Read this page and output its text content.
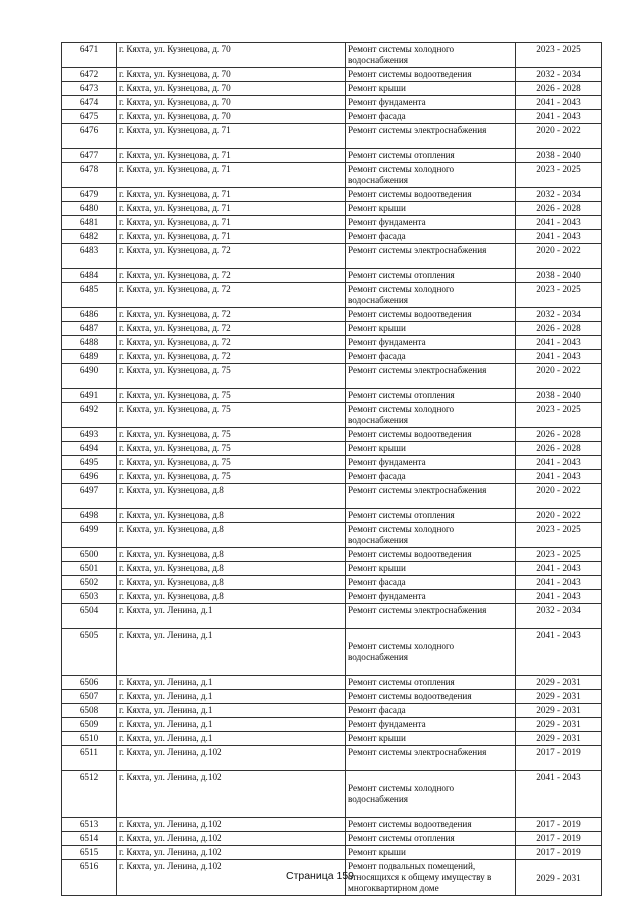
6471	г. Кяхта, ул. Кузнецова, д. 70	Ремонт системы холодного водоснабжения	2023 - 2025
6472	г. Кяхта, ул. Кузнецова, д. 70	Ремонт системы водоотведения	2032 - 2034
6473	г. Кяхта, ул. Кузнецова, д. 70	Ремонт крыши	2026 - 2028
6474	г. Кяхта, ул. Кузнецова, д. 70	Ремонт фундамента	2041 - 2043
6475	г. Кяхта, ул. Кузнецова, д. 70	Ремонт фасада	2041 - 2043
6476	г. Кяхта, ул. Кузнецова, д. 71	Ремонт системы электроснабжения	2020 - 2022
6477	г. Кяхта, ул. Кузнецова, д. 71	Ремонт системы отопления	2038 - 2040
6478	г. Кяхта, ул. Кузнецова, д. 71	Ремонт системы холодного водоснабжения	2023 - 2025
6479	г. Кяхта, ул. Кузнецова, д. 71	Ремонт системы водоотведения	2032 - 2034
6480	г. Кяхта, ул. Кузнецова, д. 71	Ремонт крыши	2026 - 2028
6481	г. Кяхта, ул. Кузнецова, д. 71	Ремонт фундамента	2041 - 2043
6482	г. Кяхта, ул. Кузнецова, д. 71	Ремонт фасада	2041 - 2043
6483	г. Кяхта, ул. Кузнецова, д. 72	Ремонт системы электроснабжения	2020 - 2022
6484	г. Кяхта, ул. Кузнецова, д. 72	Ремонт системы отопления	2038 - 2040
6485	г. Кяхта, ул. Кузнецова, д. 72	Ремонт системы холодного водоснабжения	2023 - 2025
6486	г. Кяхта, ул. Кузнецова, д. 72	Ремонт системы водоотведения	2032 - 2034
6487	г. Кяхта, ул. Кузнецова, д. 72	Ремонт крыши	2026 - 2028
6488	г. Кяхта, ул. Кузнецова, д. 72	Ремонт фундамента	2041 - 2043
6489	г. Кяхта, ул. Кузнецова, д. 72	Ремонт фасада	2041 - 2043
6490	г. Кяхта, ул. Кузнецова, д. 75	Ремонт системы электроснабжения	2020 - 2022
6491	г. Кяхта, ул. Кузнецова, д. 75	Ремонт системы отопления	2038 - 2040
6492	г. Кяхта, ул. Кузнецова, д. 75	Ремонт системы холодного водоснабжения	2023 - 2025
6493	г. Кяхта, ул. Кузнецова, д. 75	Ремонт системы водоотведения	2026 - 2028
6494	г. Кяхта, ул. Кузнецова, д. 75	Ремонт крыши	2026 - 2028
6495	г. Кяхта, ул. Кузнецова, д. 75	Ремонт фундамента	2041 - 2043
6496	г. Кяхта, ул. Кузнецова, д. 75	Ремонт фасада	2041 - 2043
6497	г. Кяхта, ул. Кузнецова, д.8	Ремонт системы электроснабжения	2020 - 2022
6498	г. Кяхта, ул. Кузнецова, д.8	Ремонт системы отопления	2020 - 2022
6499	г. Кяхта, ул. Кузнецова, д.8	Ремонт системы холодного водоснабжения	2023 - 2025
6500	г. Кяхта, ул. Кузнецова, д.8	Ремонт системы водоотведения	2023 - 2025
6501	г. Кяхта, ул. Кузнецова, д.8	Ремонт крыши	2041 - 2043
6502	г. Кяхта, ул. Кузнецова, д.8	Ремонт фасада	2041 - 2043
6503	г. Кяхта, ул. Кузнецова, д.8	Ремонт фундамента	2041 - 2043
6504	г. Кяхта, ул. Ленина, д.1	Ремонт системы электроснабжения	2032 - 2034
6505	г. Кяхта, ул. Ленина, д.1	Ремонт системы холодного водоснабжения	2041 - 2043
6506	г. Кяхта, ул. Ленина, д.1	Ремонт системы отопления	2029 - 2031
6507	г. Кяхта, ул. Ленина, д.1	Ремонт системы водоотведения	2029 - 2031
6508	г. Кяхта, ул. Ленина, д.1	Ремонт фасада	2029 - 2031
6509	г. Кяхта, ул. Ленина, д.1	Ремонт фундамента	2029 - 2031
6510	г. Кяхта, ул. Ленина, д.1	Ремонт крыши	2029 - 2031
6511	г. Кяхта, ул. Ленина, д.102	Ремонт системы электроснабжения	2017 - 2019
6512	г. Кяхта, ул. Ленина, д.102	Ремонт системы холодного водоснабжения	2041 - 2043
6513	г. Кяхта, ул. Ленина, д.102	Ремонт системы водоотведения	2017 - 2019
6514	г. Кяхта, ул. Ленина, д.102	Ремонт системы отопления	2017 - 2019
6515	г. Кяхта, ул. Ленина, д.102	Ремонт крыши	2017 - 2019
6516	г. Кяхта, ул. Ленина, д.102	Ремонт подвальных помещений, относящихся к общему имуществу в многоквартирном доме	2029 - 2031
Страница 159
